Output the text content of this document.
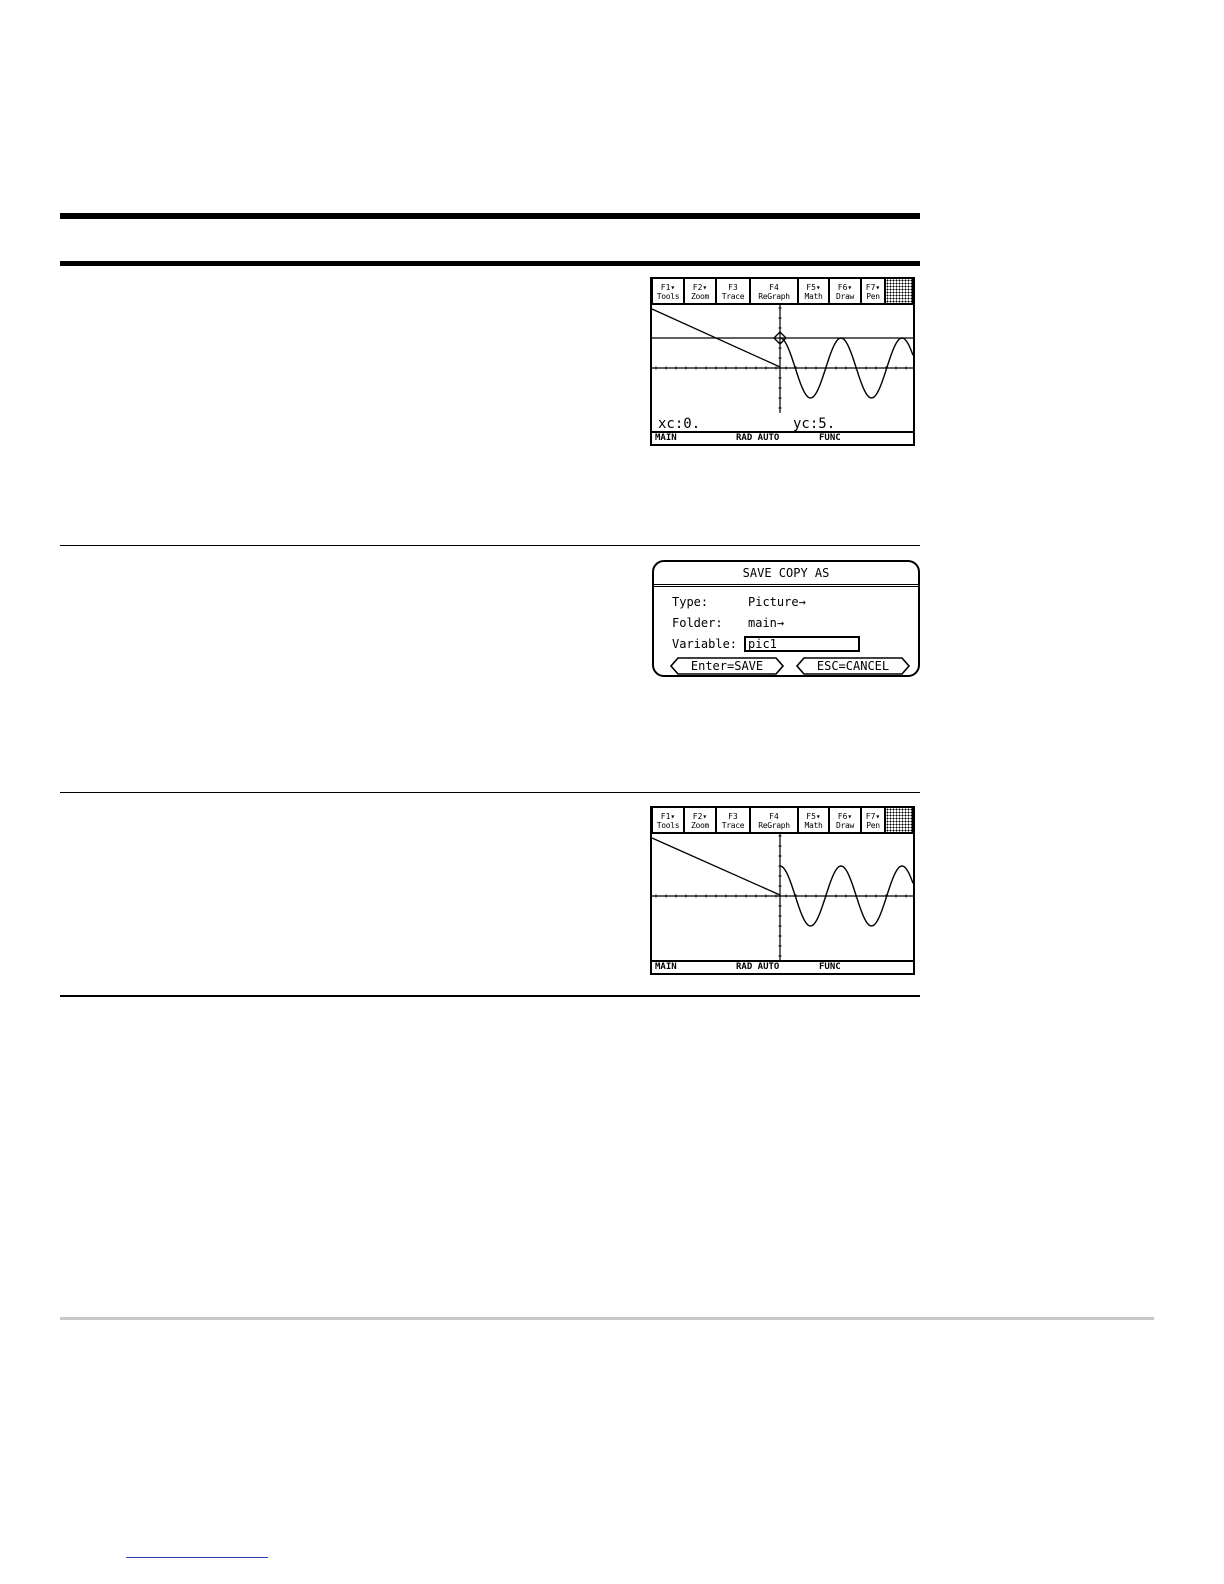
F1▾
Tools
F2▾
Zoom
F3
Trace
F4
ReGraph
F5▾
Math
F6▾
Draw
F7▾
Pen
xc:0.	yc:5.
MAIN	RAD AUTO	FUNC
SAVE COPY AS
Type:	Picture→
Folder: main→
Variable: pic1
Enter=SAVE	ESC=CANCEL
F1▾
Tools
F2▾
Zoom
F3
Trace
F4
ReGraph
F5▾
Math
F6▾
Draw
F7▾
Pen
MAIN	RAD AUTO	FUNC
